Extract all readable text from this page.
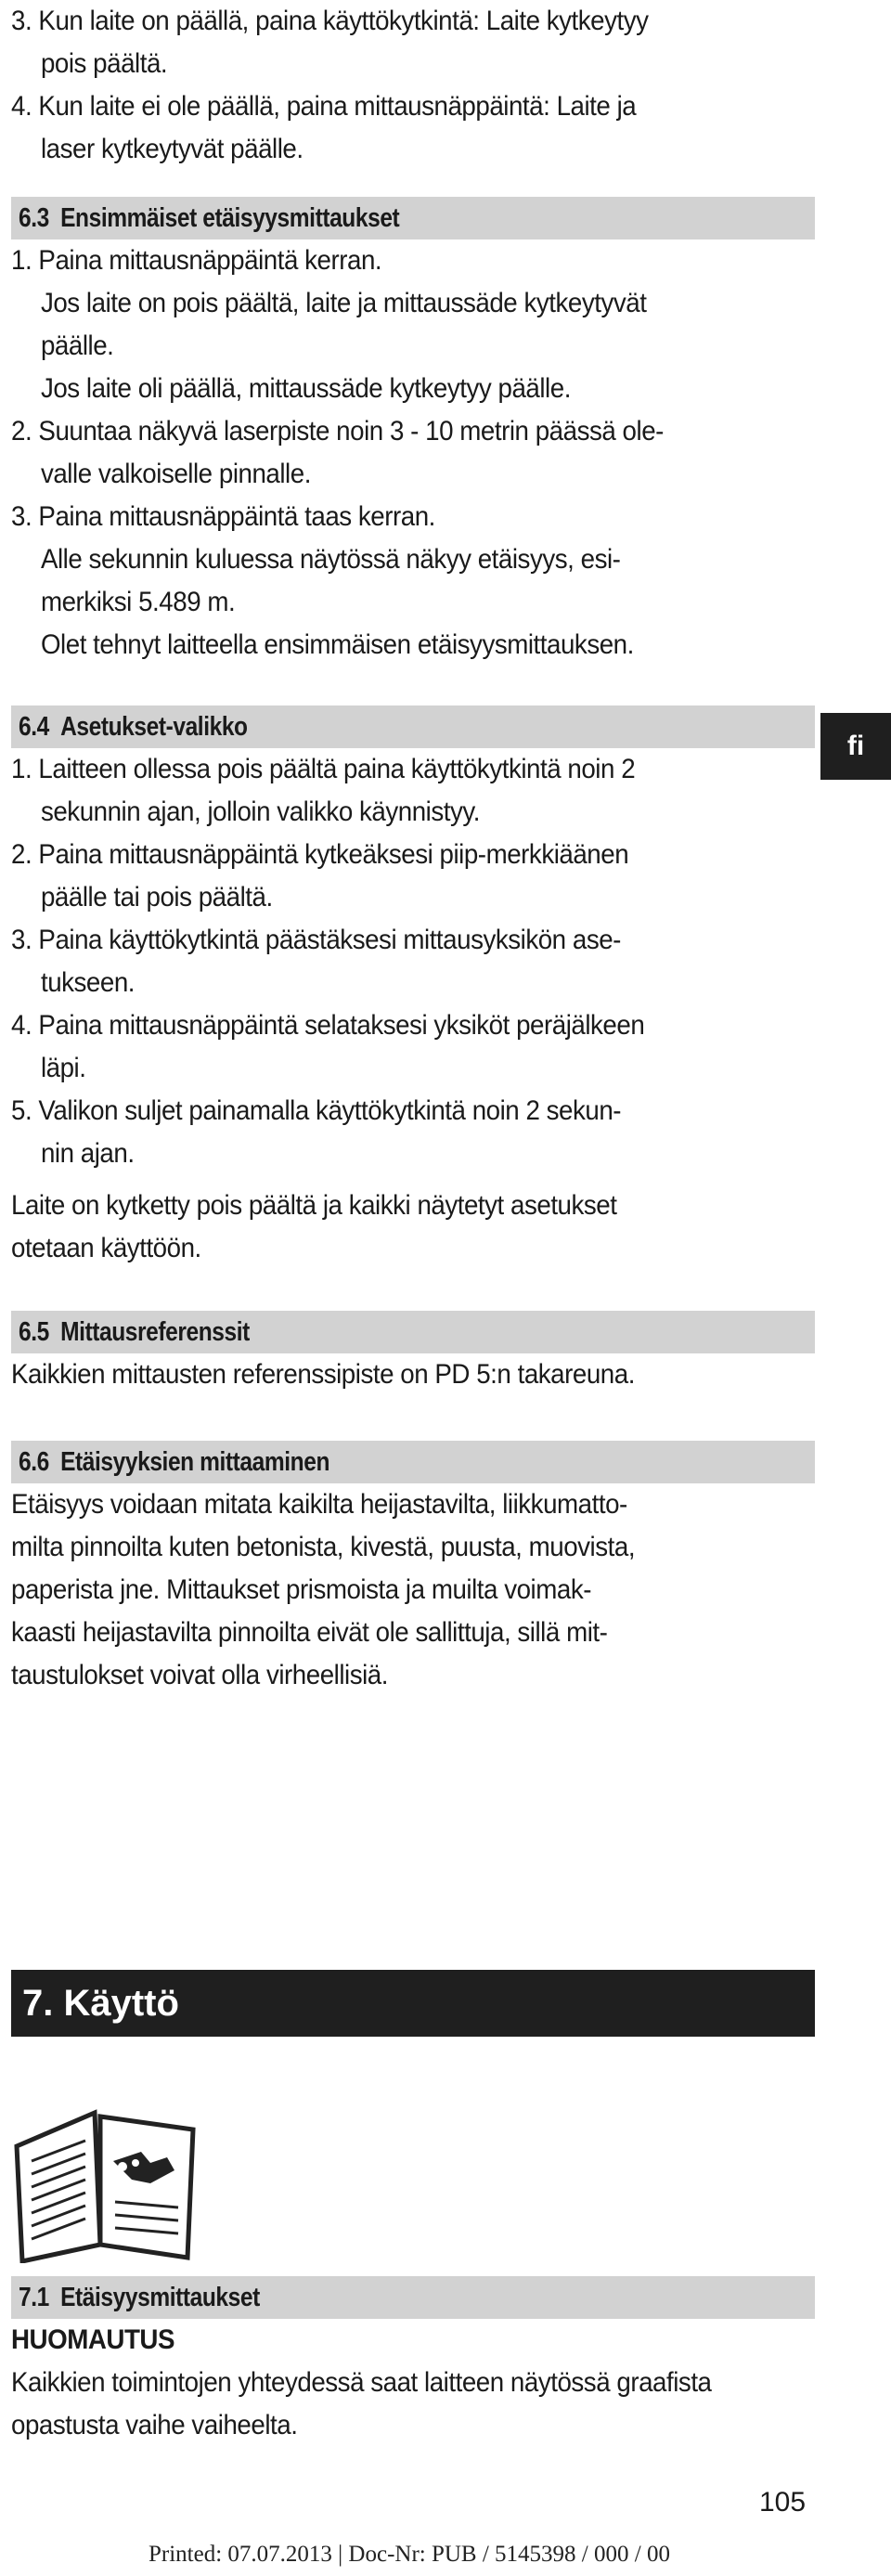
3. Kun laite on päällä, paina käyttökytkintä: Laite kytkeytyy
pois päältä.
4. Kun laite ei ole päällä, paina mittausnäppäintä: Laite ja
laser kytkeytyvät päälle.

6.3 Ensimmäiset etäisyysmittaukset

1. Paina mittausnäppäintä kerran.
Jos laite on pois päältä, laite ja mittaussäde kytkeytyvät
päälle.
Jos laite oli päällä, mittaussäde kytkeytyy päälle.
2. Suuntaa näkyvä laserpiste noin 3 - 10 metrin päässä ole-
valle valkoiselle pinnalle.
3. Paina mittausnäppäintä taas kerran.
Alle sekunnin kuluessa näytössä näkyy etäisyys, esi-
merkiksi 5.489 m.
Olet tehnyt laitteella ensimmäisen etäisyysmittauksen.

fi
6.4 Asetukset-valikko

1. Laitteen ollessa pois päältä paina käyttökytkintä noin 2
sekunnin ajan, jolloin valikko käynnistyy.
2. Paina mittausnäppäintä kytkeäksesi piip-merkkiäänen
päälle tai pois päältä.
3. Paina käyttökytkintä päästäksesi mittausyksikön ase-
tukseen.
4. Paina mittausnäppäintä selataksesi yksiköt peräjälkeen
läpi.
5. Valikon suljet painamalla käyttökytkintä noin 2 sekun-
nin ajan.

Laite on kytketty pois päältä ja kaikki näytetyt asetukset
otetaan käyttöön.

6.5 Mittausreferenssit

Kaikkien mittausten referenssipiste on PD 5:n takareuna.

6.6 Etäisyyksien mittaaminen

Etäisyys voidaan mitata kaikilta heijastavilta, liikkumatto-
milta pinnoilta kuten betonista, kivestä, puusta, muovista,
paperista jne. Mittaukset prismoista ja muilta voimak-
kaasti heijastavilta pinnoilta eivät ole sallittuja, sillä mit-
taustulokset voivat olla virheellisiä.

7. Käyttö
7.1 Etäisyysmittaukset

HUOMAUTUS
Kaikkien toimintojen yhteydessä saat laitteen näytössä graafista
opastusta vaihe vaiheelta.

105
Printed: 07.07.2013 | Doc-Nr: PUB / 5145398 / 000 / 00
